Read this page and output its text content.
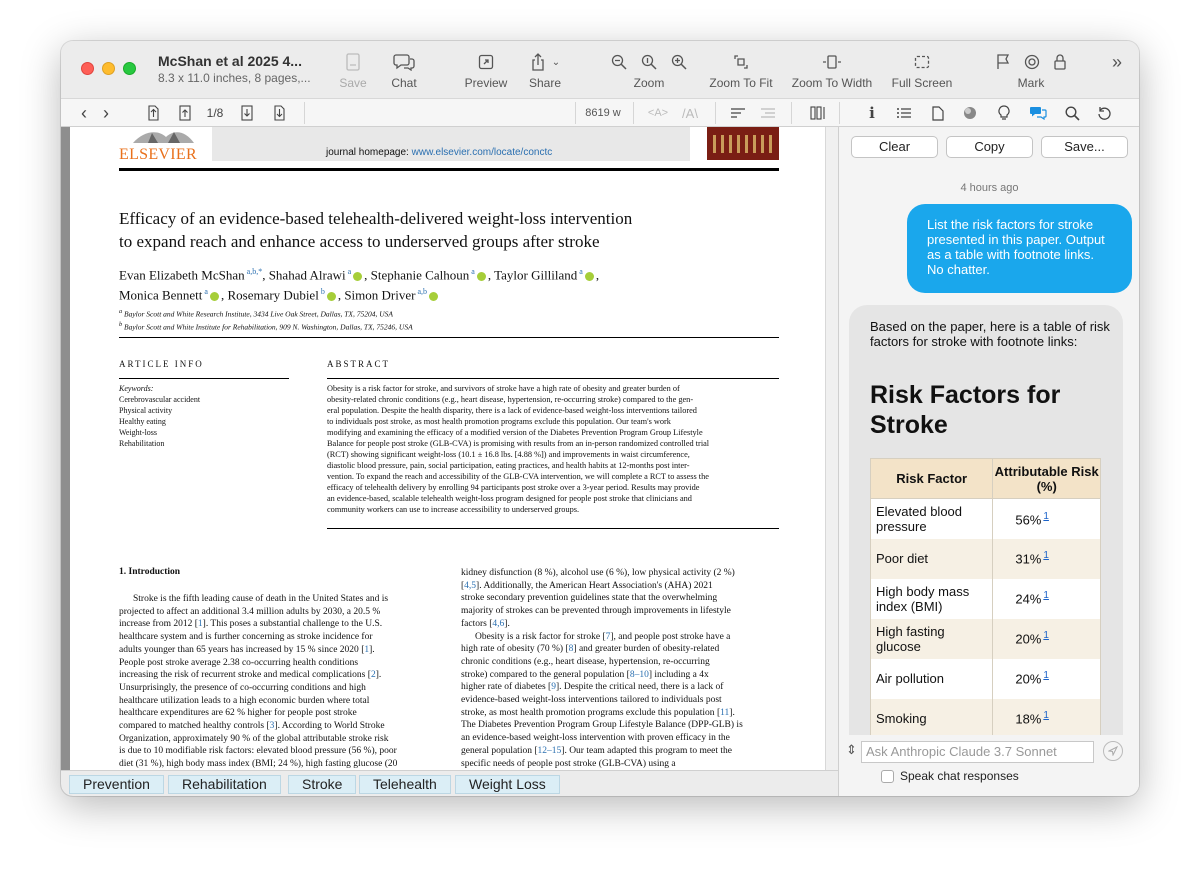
McShan et al 2025 4...
8.3 x 11.0 inches, 8 pages,...	Save	Chat	Preview
⌄
Share	Zoom	Zoom To Fit	Zoom To Width	Full Screen	Mark
»
‹ ›	1/8	8619 w	<A> /A\	i
ELSEVIER	journal homepage: www.elsevier.com/locate/conctc
Efficacy of an evidence-based telehealth-delivered weight-loss intervention
to expand reach and enhance access to underserved groups after stroke
Evan Elizabeth McShan $^{a,b,*}$, Shahad Alrawi $^a$ , Stephanie Calhoun $^a$ , Taylor Gilliland $^a$ ,
Monica Bennett $^a$ , Rosemary Dubiel $^b$ , Simon Driver $^{a,b}$
$^a$ Baylor Scott and White Research Institute, 3434 Live Oak Street, Dallas, TX, 75204, USA
$^b$ Baylor Scott and White Institute for Rehabilitation, 909 N. Washington, Dallas, TX, 75246, USA
ARTICLE INFO
Keywords:
Cerebrovascular accident
Physical activity
Healthy eating
Weight-loss
Rehabilitation
ABSTRACT
Obesity is a risk factor for stroke, and survivors of stroke have a high rate of obesity and greater burden of
obesity-related chronic conditions (e.g., heart disease, hypertension, re-occurring stroke) compared to the gen-
eral population. Despite the health disparity, there is a lack of evidence-based weight-loss interventions tailored
to individuals post stroke, as most health promotion programs exclude this population. Our team's work
modifying and examining the efficacy of a modified version of the Diabetes Prevention Program Group Lifestyle
Balance for people post stroke (GLB-CVA) is promising with results from an in-person randomized controlled trial
(RCT) showing significant weight-loss (10.1 ± 16.8 lbs. [4.88 %]) and improvements in waist circumference,
diastolic blood pressure, pain, social participation, eating practices, and health habits at 12-months post inter-
vention. To expand the reach and accessibility of the GLB-CVA intervention, we will complete a RCT to assess the
efficacy of telehealth delivery by enrolling 94 participants post stroke over a 3-year period. Results may provide
an evidence-based, scalable telehealth weight-loss program designed for people post stroke that clinicians and
community workers can use to increase accessibility to underserved groups.
1. Introduction
Stroke is the fifth leading cause of death in the United States and is
projected to affect an additional 3.4 million adults by 2030, a 20.5 %
increase from 2012 [1]. This poses a substantial challenge to the U.S.
healthcare system and is further concerning as stroke incidence for
adults younger than 65 years has increased by 15 % since 2020 [1].
People post stroke average 2.38 co-occurring health conditions
increasing the risk of recurrent stroke and medical complications [2].
Unsurprisingly, the presence of co-occurring conditions and high
healthcare utilization leads to a high economic burden where total
healthcare expenditures are 62 % higher for people post stroke
compared to matched healthy controls [3]. According to World Stroke
Organization, approximately 90 % of the global attributable stroke risk
is due to 10 modifiable risk factors: elevated blood pressure (56 %), poor
diet (31 %), high body mass index (BMI; 24 %), high fasting glucose (20
kidney disfunction (8 %), alcohol use (6 %), low physical activity (2 %)
[4,5]. Additionally, the American Heart Association's (AHA) 2021
stroke secondary prevention guidelines state that the overwhelming
majority of strokes can be prevented through improvements in lifestyle
factors [4,6].
Obesity is a risk factor for stroke [7], and people post stroke have a
high rate of obesity (70 %) [8] and greater burden of obesity-related
chronic conditions (e.g., heart disease, hypertension, re-occurring
stroke) compared to the general population [8–10] including a 4x
higher rate of diabetes [9]. Despite the critical need, there is a lack of
evidence-based weight-loss interventions tailored to individuals post
stroke, as most health promotion programs exclude this population [11].
The Diabetes Prevention Program Group Lifestyle Balance (DPP-GLB) is
an evidence-based weight-loss intervention with proven efficacy in the
general population [12–15]. Our team adapted this program to meet the
specific needs of people post stroke (GLB-CVA) using a
Prevention	Rehabilitation	Stroke	Telehealth	Weight Loss
Clear	Copy	Save...
4 hours ago
List the risk factors for stroke presented in this paper. Output as a table with footnote links. No chatter.
Based on the paper, here is a table of risk factors for stroke with footnote links:
Risk Factors for Stroke
Risk Factor	Attributable Risk (%)
Elevated blood pressure	56% $^1$
Poor diet	31% $^1$
High body mass index (BMI)	24% $^1$
High fasting glucose	20% $^1$
Air pollution	20% $^1$
Smoking	18% $^1$

⇕ Ask Anthropic Claude 3.7 Sonnet
Speak chat responses
